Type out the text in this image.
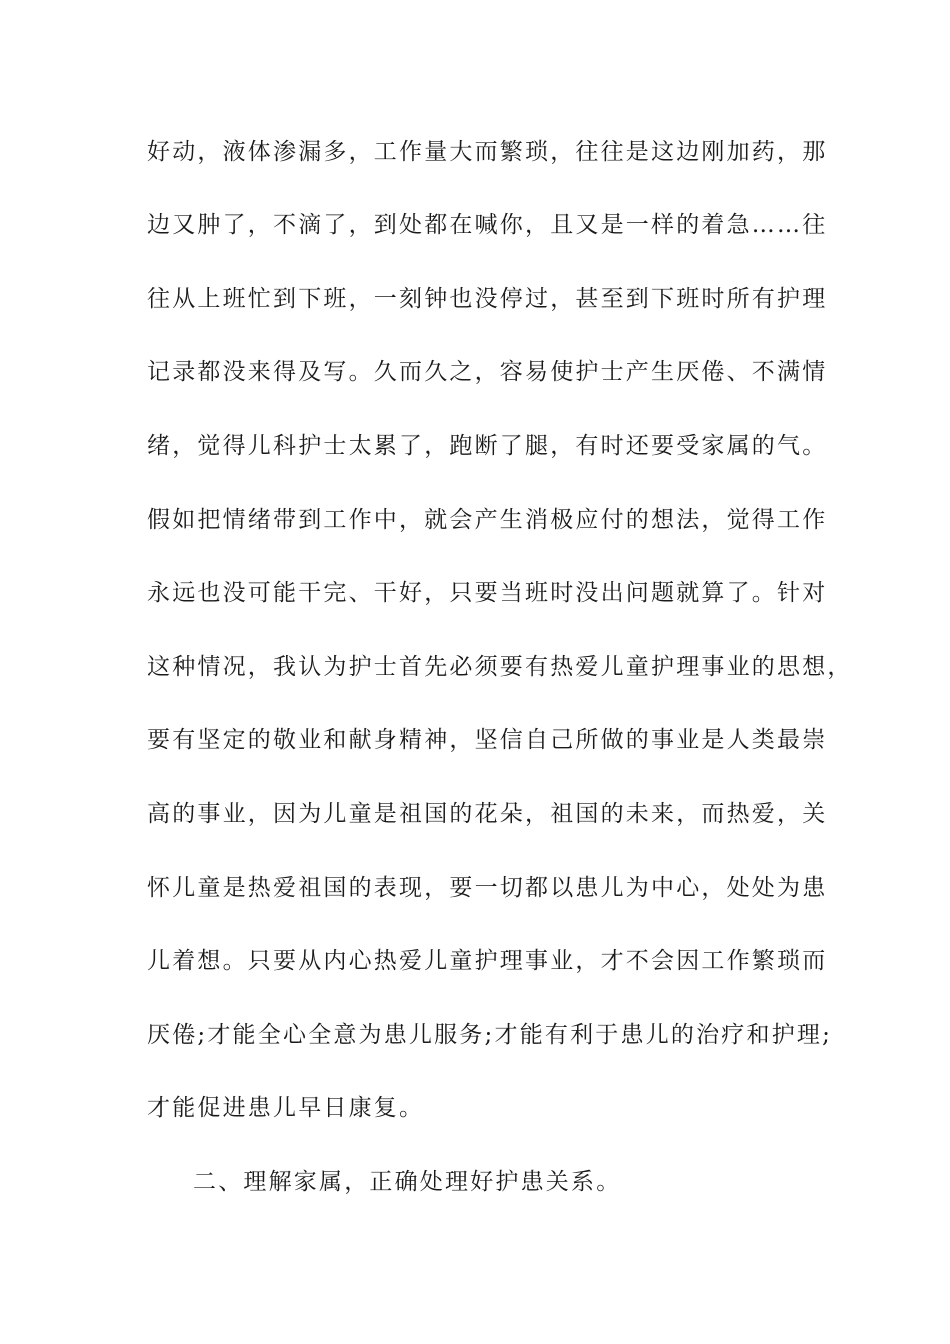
好动，液体渗漏多，工作量大而繁琐，往往是这边刚加药，那
边又肿了，不滴了，到处都在喊你，且又是一样的着急……往
往从上班忙到下班，一刻钟也没停过，甚至到下班时所有护理
记录都没来得及写。久而久之，容易使护士产生厌倦、不满情
绪，觉得儿科护士太累了，跑断了腿，有时还要受家属的气。
假如把情绪带到工作中，就会产生消极应付的想法，觉得工作
永远也没可能干完、干好，只要当班时没出问题就算了。针对
这种情况，我认为护士首先必须要有热爱儿童护理事业的思想，
要有坚定的敬业和献身精神，坚信自己所做的事业是人类最崇
高的事业，因为儿童是祖国的花朵，祖国的未来，而热爱，关
怀儿童是热爱祖国的表现，要一切都以患儿为中心，处处为患
儿着想。只要从内心热爱儿童护理事业，才不会因工作繁琐而
厌倦;才能全心全意为患儿服务;才能有利于患儿的治疗和护理;
才能促进患儿早日康复。
二、理解家属，正确处理好护患关系。
